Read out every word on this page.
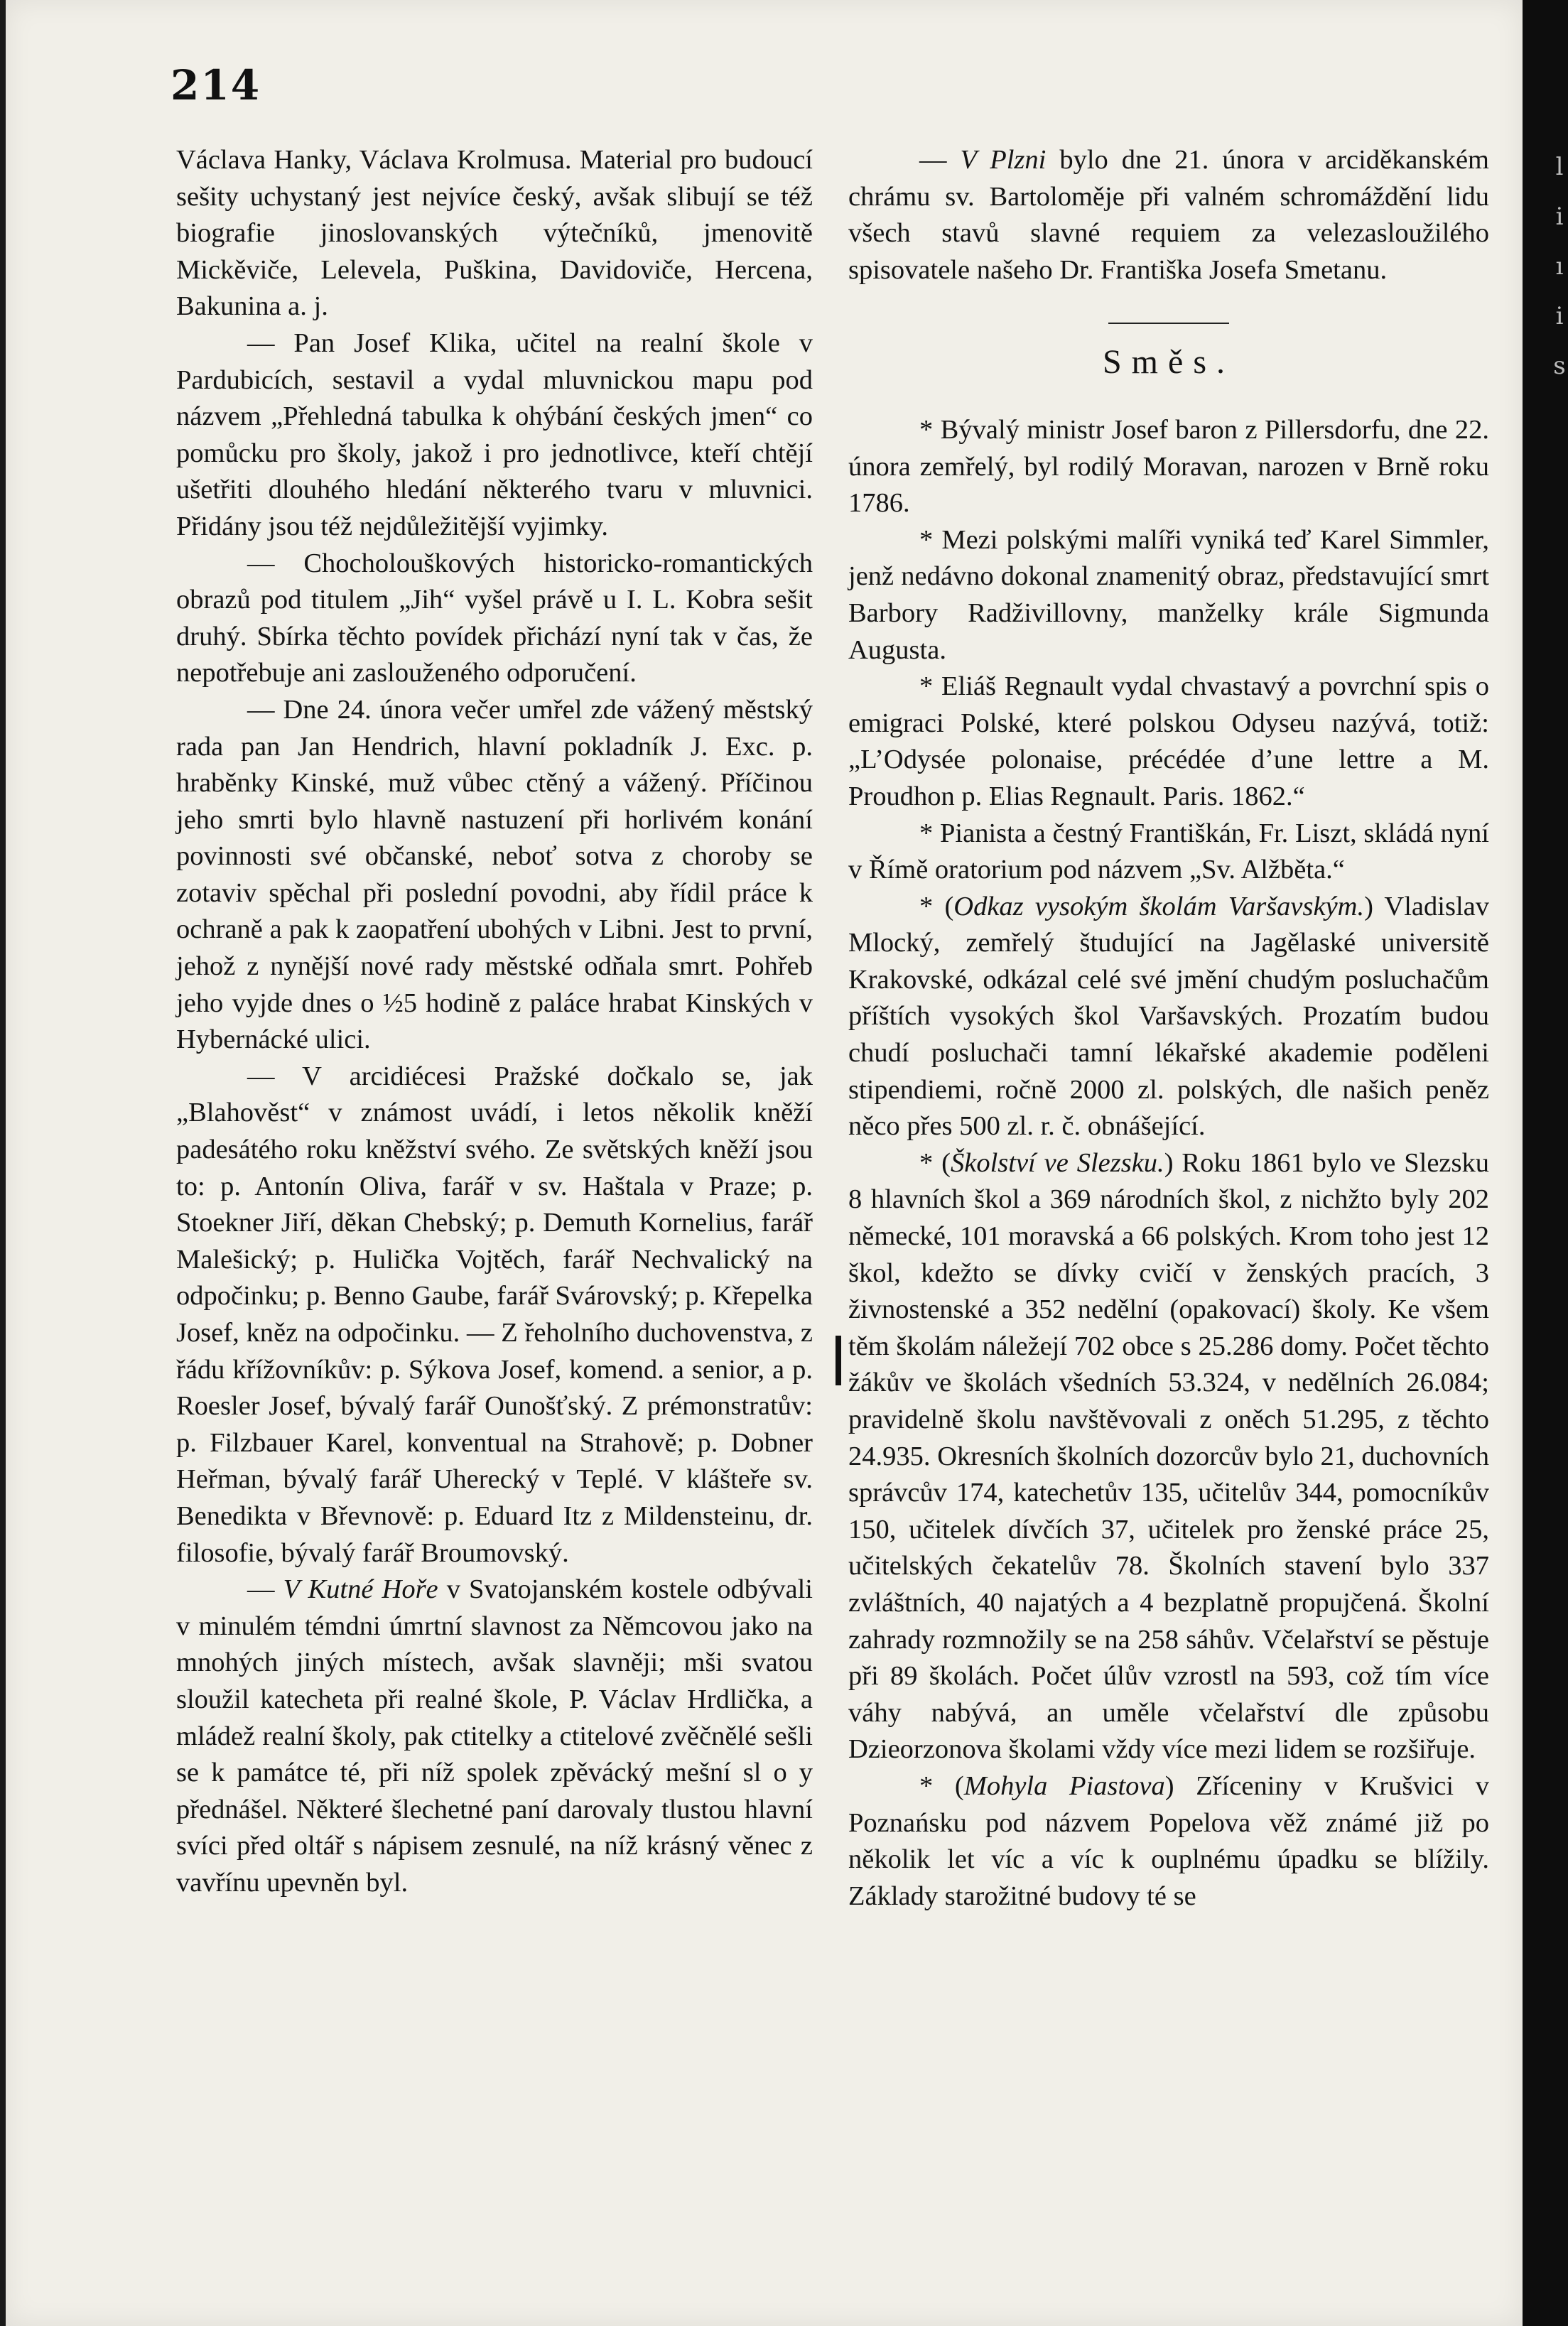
214

Václava Hanky, Václava Krolmusa. Material pro budoucí sešity uchystaný jest nejvíce český, avšak slibují se též biografie jinoslovanských výtečníků, jmenovitě Mickěviče, Lelevela, Puškina, Davidoviče, Hercena, Bakunina a. j.

— Pan Josef Klika, učitel na realní škole v Pardubicích, sestavil a vydal mluvnickou mapu pod názvem „Přehledná tabulka k ohýbání českých jmen“ co pomůcku pro školy, jakož i pro jednotlivce, kteří chtějí ušetřiti dlouhého hledání některého tvaru v mluvnici. Přidány jsou též nejdůležitější vyjimky.

— Chocholouškových historicko-romantických obrazů pod titulem „Jih“ vyšel právě u I. L. Kobra sešit druhý. Sbírka těchto povídek přichází nyní tak v čas, že nepotřebuje ani zaslouženého odporučení.

— Dne 24. února večer umřel zde vážený městský rada pan Jan Hendrich, hlavní pokladník J. Exc. p. hraběnky Kinské, muž vůbec ctěný a vážený. Příčinou jeho smrti bylo hlavně nastuzení při horlivém konání povinnosti své občanské, neboť sotva z choroby se zotaviv spěchal při poslední povodni, aby řídil práce k ochraně a pak k zaopatření ubohých v Libni. Jest to první, jehož z nynější nové rady městské odňala smrt. Pohřeb jeho vyjde dnes o ½5 hodině z paláce hrabat Kinských v Hybernácké ulici.

— V arcidiécesi Pražské dočkalo se, jak „Blahověst“ v známost uvádí, i letos několik kněží padesátého roku kněžství svého. Ze světských kněží jsou to: p. Antonín Oliva, farář v sv. Haštala v Praze; p. Stoekner Jiří, děkan Chebský; p. Demuth Kornelius, farář Malešický; p. Hulička Vojtěch, farář Nechvalický na odpočinku; p. Benno Gaube, farář Svárovský; p. Křepelka Josef, kněz na odpočinku. — Z řeholního duchovenstva, z řádu křížovníkův: p. Sýkova Josef, komend. a senior, a p. Roesler Josef, bývalý farář Ounošťský. Z prémonstratův: p. Filzbauer Karel, konventual na Strahově; p. Dobner Heřman, bývalý farář Uherecký v Teplé. V klášteře sv. Benedikta v Břevnově: p. Eduard Itz z Mildensteinu, dr. filosofie, bývalý farář Broumovský.

— V Kutné Hoře v Svatojanském kostele odbývali v minulém témdni úmrtní slavnost za Němcovou jako na mnohých jiných místech, avšak slavněji; mši svatou sloužil katecheta při realné škole, P. Václav Hrdlička, a mládež realní školy, pak ctitelky a ctitelové zvěčnělé sešli se k památce té, při níž spolek zpěvácký mešní sl o y přednášel. Některé šlechetné paní darovaly tlustou hlavní svíci před oltář s nápisem zesnulé, na níž krásný věnec z vavřínu upevněn byl.

— V Plzni bylo dne 21. února v arciděkanském chrámu sv. Bartoloměje při valném schromáždění lidu všech stavů slavné requiem za velezasloužilého spisovatele našeho Dr. Františka Josefa Smetanu.

Směs.

* Bývalý ministr Josef baron z Pillersdorfu, dne 22. února zemřelý, byl rodilý Moravan, narozen v Brně roku 1786.

* Mezi polskými malíři vyniká teď Karel Simmler, jenž nedávno dokonal znamenitý obraz, představující smrt Barbory Radživillovny, manželky krále Sigmunda Augusta.

* Eliáš Regnault vydal chvastavý a povrchní spis o emigraci Polské, které polskou Odyseu nazývá, totiž: „L’Odysée polonaise, précédée d’une lettre a M. Proudhon p. Elias Regnault. Paris. 1862.“

* Pianista a čestný Františkán, Fr. Liszt, skládá nyní v Římě oratorium pod názvem „Sv. Alžběta.“

* (Odkaz vysokým školám Varšavským.) Vladislav Mlocký, zemřelý študující na Jagělaské universitě Krakovské, odkázal celé své jmění chudým posluchačům příštích vysokých škol Varšavských. Prozatím budou chudí posluchači tamní lékařské akademie poděleni stipendiemi, ročně 2000 zl. polských, dle našich peněz něco přes 500 zl. r. č. obnášející.

* (Školství ve Slezsku.) Roku 1861 bylo ve Slezsku 8 hlavních škol a 369 národních škol, z nichžto byly 202 německé, 101 moravská a 66 polských. Krom toho jest 12 škol, kdežto se dívky cvičí v ženských pracích, 3 živnostenské a 352 nedělní (opakovací) školy. Ke všem těm školám náležejí 702 obce s 25.286 domy. Počet těchto žákův ve školách všedních 53.324, v nedělních 26.084; pravidelně školu navštěvovali z oněch 51.295, z těchto 24.935. Okresních školních dozorcův bylo 21, duchovních správcův 174, katechetův 135, učitelův 344, pomocníkův 150, učitelek dívčích 37, učitelek pro ženské práce 25, učitelských čekatelův 78. Školních stavení bylo 337 zvláštních, 40 najatých a 4 bezplatně propujčená. Školní zahrady rozmnožily se na 258 sáhův. Včelařství se pěstuje při 89 školách. Počet úlův vzrostl na 593, což tím více váhy nabývá, an uměle včelařství dle způsobu Dzieorzonova školami vždy více mezi lidem se rozšiřuje.

* (Mohyla Piastova) Zříceniny v Krušvici v Poznańsku pod názvem Popelova věž známé již po několik let víc a víc k ouplnému úpadku se blížily. Základy starožitné budovy té se

l
i
ı
i
s
